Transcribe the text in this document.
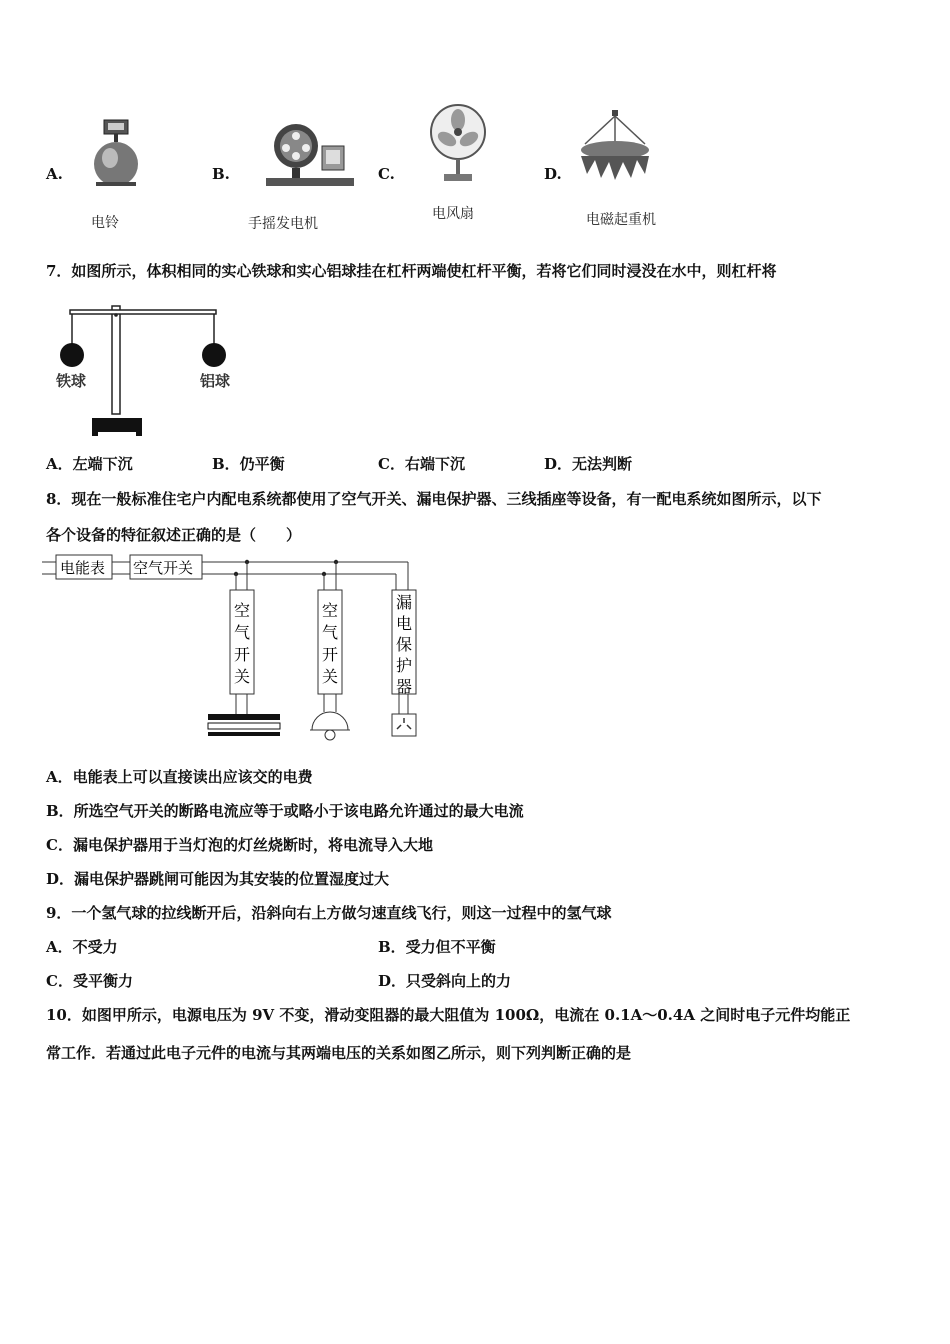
A.
电铃
B.
手摇发电机
C.
电风扇
D.
电磁起重机
7．如图所示，体积相同的实心铁球和实心铝球挂在杠杆两端使杠杆平衡，若将它们同时浸没在水中，则杠杆将
铁球	铝球
A．左端下沉	B．仍平衡	C．右端下沉	D．无法判断
8．现在一般标准住宅户内配电系统都使用了空气开关、漏电保护器、三线插座等设备，有一配电系统如图所示，以下
各个设备的特征叙述正确的是（　　）
电能表 空气开关
空
气
开
关
空
气
开
关
漏
电
保
护
器
A．电能表上可以直接读出应该交的电费
B．所选空气开关的断路电流应等于或略小于该电路允许通过的最大电流
C．漏电保护器用于当灯泡的灯丝烧断时，将电流导入大地
D．漏电保护器跳闸可能因为其安装的位置湿度过大
9．一个氢气球的拉线断开后，沿斜向右上方做匀速直线飞行，则这一过程中的氢气球
A．不受力	B．受力但不平衡
C．受平衡力	D．只受斜向上的力
10．如图甲所示，电源电压为 9V 不变，滑动变阻器的最大阻值为 100Ω，电流在 0.1A～0.4A 之间时电子元件均能正
常工作．若通过此电子元件的电流与其两端电压的关系如图乙所示，则下列判断正确的是
